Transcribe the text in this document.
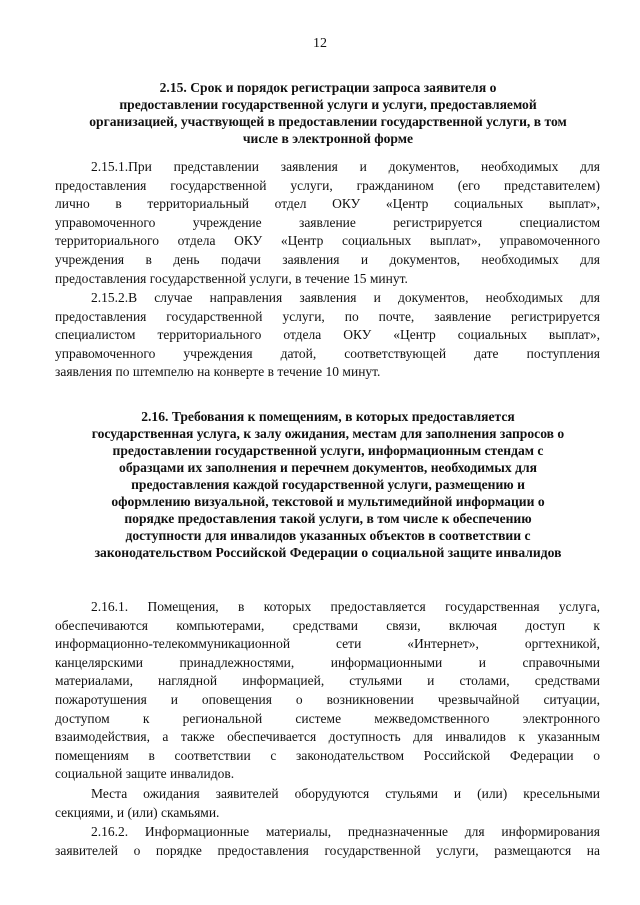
12
2.15. Срок и порядок регистрации запроса заявителя о
предоставлении государственной услуги и услуги, предоставляемой
организацией, участвующей в предоставлении государственной услуги, в том
числе в электронной форме
2.15.1.При представлении заявления и документов, необходимых для
предоставления государственной услуги, гражданином (его представителем)
лично в территориальный отдел ОКУ «Центр социальных выплат»,
управомоченного учреждение заявление регистрируется специалистом
территориального отдела ОКУ «Центр социальных выплат», управомоченного
учреждения в день подачи заявления и документов, необходимых для
предоставления государственной услуги, в течение 15 минут.
2.15.2.В случае направления заявления и документов, необходимых для
предоставления государственной услуги, по почте, заявление регистрируется
специалистом территориального отдела ОКУ «Центр социальных выплат»,
управомоченного учреждения датой, соответствующей дате поступления
заявления по штемпелю на конверте в течение 10 минут.
2.16. Требования к помещениям, в которых предоставляется
государственная услуга, к залу ожидания, местам для заполнения запросов о
предоставлении государственной услуги, информационным стендам с
образцами их заполнения и перечнем документов, необходимых для
предоставления каждой государственной услуги, размещению и
оформлению визуальной, текстовой и мультимедийной информации о
порядке предоставления такой услуги, в том числе к обеспечению
доступности для инвалидов указанных объектов в соответствии с
законодательством Российской Федерации о социальной защите инвалидов
2.16.1. Помещения, в которых предоставляется государственная услуга,
обеспечиваются компьютерами, средствами связи, включая доступ к
информационно-телекоммуникационной сети «Интернет», оргтехникой,
канцелярскими принадлежностями, информационными и справочными
материалами, наглядной информацией, стульями и столами, средствами
пожаротушения и оповещения о возникновении чрезвычайной ситуации,
доступом к региональной системе межведомственного электронного
взаимодействия, а также обеспечивается доступность для инвалидов к указанным
помещениям в соответствии с законодательством Российской Федерации о
социальной защите инвалидов.
Места ожидания заявителей оборудуются стульями и (или) кресельными
секциями, и (или) скамьями.
2.16.2. Информационные материалы, предназначенные для информирования
заявителей о порядке предоставления государственной услуги, размещаются на
